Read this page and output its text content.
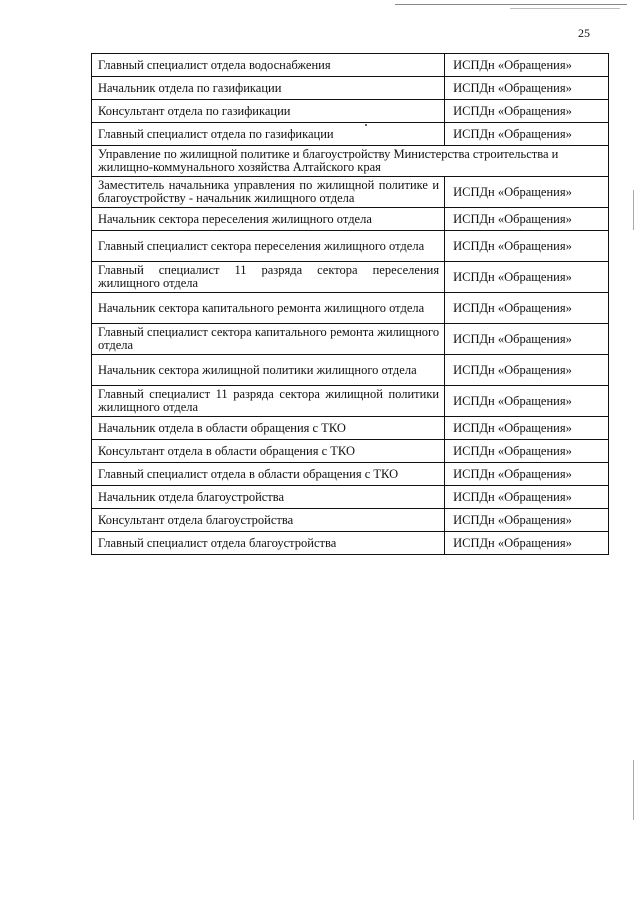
25
Главный специалист отдела водоснабжения	ИСПДн «Обращения»
Начальник отдела по газификации	ИСПДн «Обращения»
Консультант отдела по газификации	ИСПДн «Обращения»
Главный специалист отдела по газификации	ИСПДн «Обращения»
Управление по жилищной политике и благоустройству Министерства строительства и жилищно-коммунального хозяйства Алтайского края	
Заместитель начальника управления по жилищной политике и благоустройству - начальник жилищного отдела	ИСПДн «Обращения»
Начальник сектора переселения жилищного отдела	ИСПДн «Обращения»
Главный специалист сектора переселения жилищного отдела	ИСПДн «Обращения»
Главный специалист 11 разряда сектора переселения жилищного отдела	ИСПДн «Обращения»
Начальник сектора капитального ремонта жилищного отдела	ИСПДн «Обращения»
Главный специалист сектора капитального ремонта жилищного отдела	ИСПДн «Обращения»
Начальник сектора жилищной политики жилищного отдела	ИСПДн «Обращения»
Главный специалист 11 разряда сектора жилищной политики жилищного отдела	ИСПДн «Обращения»
Начальник отдела в области обращения с ТКО	ИСПДн «Обращения»
Консультант отдела в области обращения с ТКО	ИСПДн «Обращения»
Главный специалист отдела в области обращения с ТКО	ИСПДн «Обращения»
Начальник отдела благоустройства	ИСПДн «Обращения»
Консультант отдела благоустройства	ИСПДн «Обращения»
Главный специалист отдела благоустройства	ИСПДн «Обращения»
